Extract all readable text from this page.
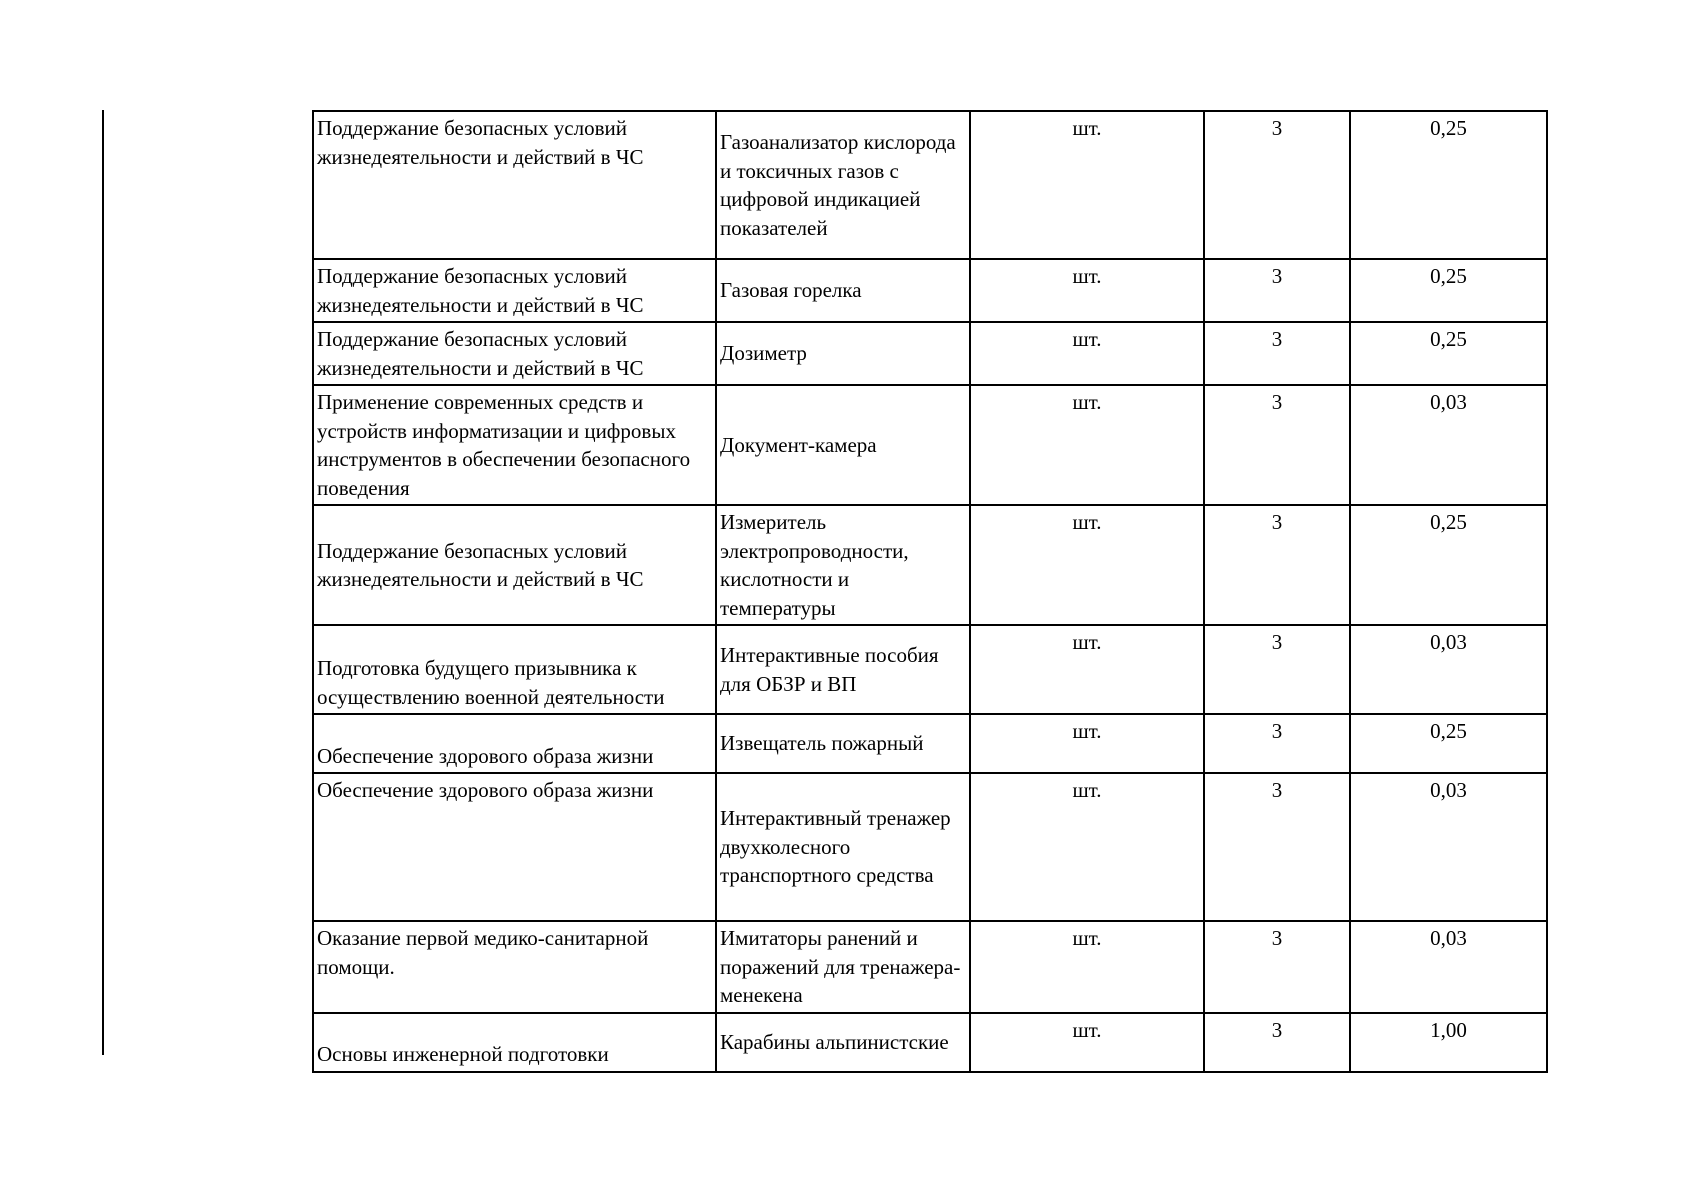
Поддержание безопасных условий жизнедеятельности и действий в ЧС	Газоанализатор кислорода и токсичных газов с цифровой индикацией показателей	шт.	3	0,25
Поддержание безопасных условий жизнедеятельности и действий в ЧС	Газовая горелка	шт.	3	0,25
Поддержание безопасных условий жизнедеятельности и действий в ЧС	Дозиметр	шт.	3	0,25
Применение современных средств и устройств информатизации и цифровых инструментов в обеспечении безопасного поведения	Документ-камера	шт.	3	0,03
Поддержание безопасных условий жизнедеятельности и действий в ЧС	Измеритель электропроводности, кислотности и температуры	шт.	3	0,25
Подготовка будущего призывника к осуществлению военной деятельности	Интерактивные пособия для ОБЗР и ВП	шт.	3	0,03
Обеспечение здорового образа жизни	Извещатель пожарный	шт.	3	0,25
Обеспечение здорового образа жизни	Интерактивный тренажер двухколесного транспортного средства	шт.	3	0,03
Оказание первой медико-санитарной помощи.	Имитаторы ранений и поражений для тренажера-менекена	шт.	3	0,03
Основы инженерной подготовки	Карабины альпинистские	шт.	3	1,00
